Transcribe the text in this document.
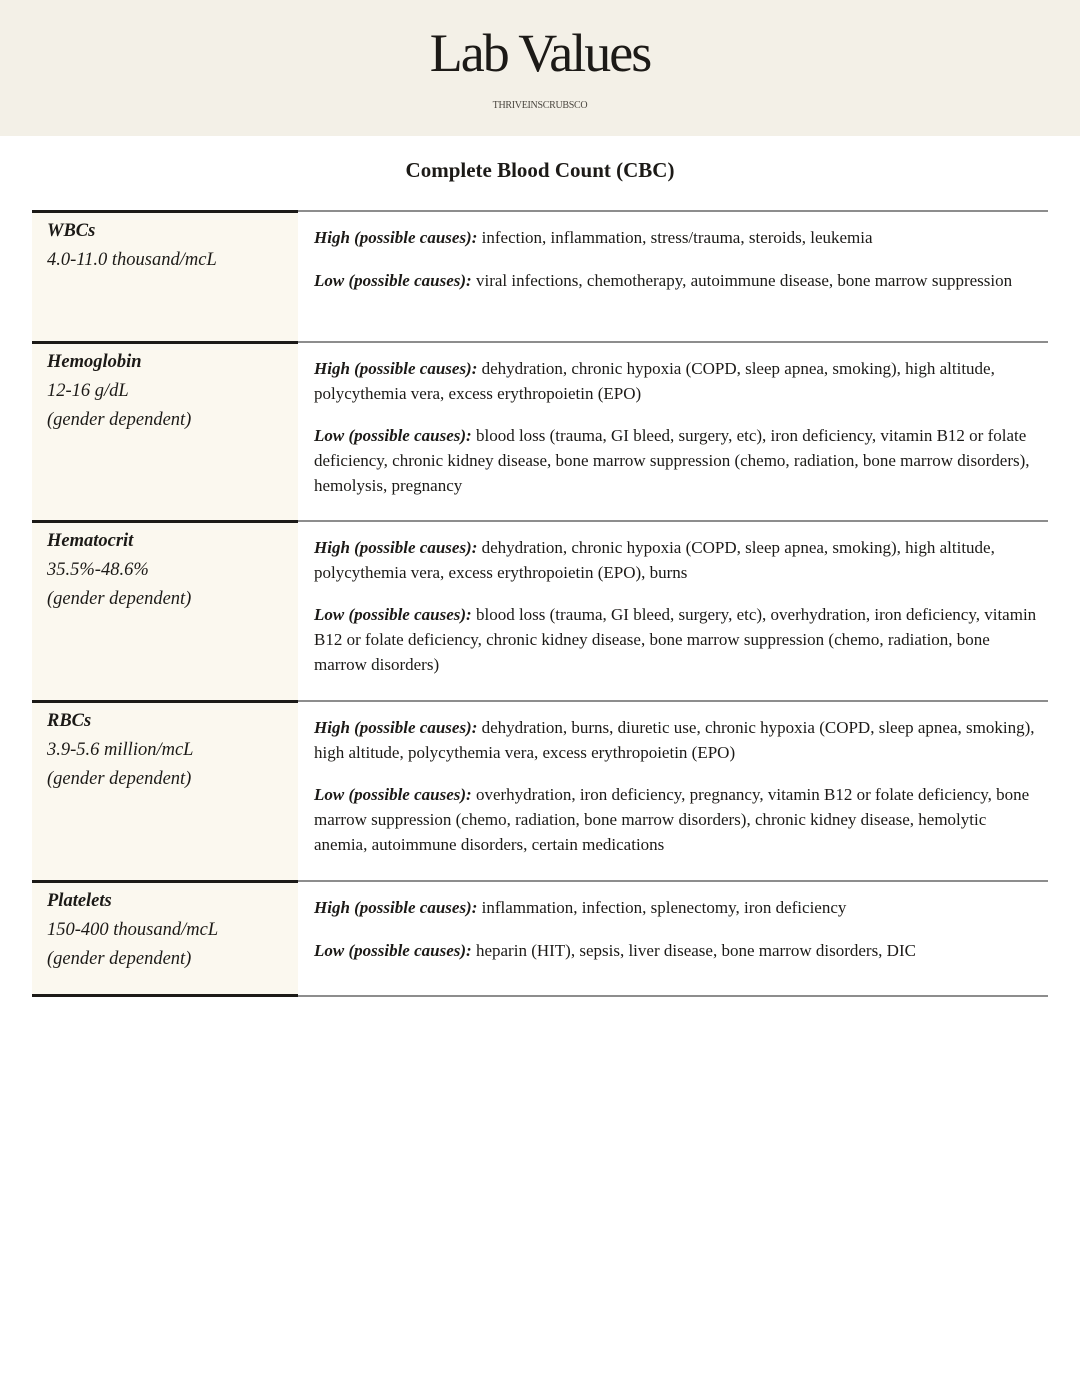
Lab Values
THRIVEINSCRUBSCO
Complete Blood Count (CBC)
WBCs
4.0-11.0 thousand/mcL

High (possible causes): infection, inflammation, stress/trauma, steroids, leukemia

Low (possible causes): viral infections, chemotherapy, autoimmune disease, bone marrow suppression

Hemoglobin
12-16 g/dL
(gender dependent)

High (possible causes): dehydration, chronic hypoxia (COPD, sleep apnea, smoking), high altitude, polycythemia vera, excess erythropoietin (EPO)

Low (possible causes): blood loss (trauma, GI bleed, surgery, etc), iron deficiency, vitamin B12 or folate deficiency, chronic kidney disease, bone marrow suppression (chemo, radiation, bone marrow disorders), hemolysis, pregnancy

Hematocrit
35.5%-48.6%
(gender dependent)

High (possible causes): dehydration, chronic hypoxia (COPD, sleep apnea, smoking), high altitude, polycythemia vera, excess erythropoietin (EPO), burns

Low (possible causes): blood loss (trauma, GI bleed, surgery, etc), overhydration, iron deficiency, vitamin B12 or folate deficiency, chronic kidney disease, bone marrow suppression (chemo, radiation, bone marrow disorders)

RBCs
3.9-5.6 million/mcL
(gender dependent)

High (possible causes): dehydration, burns, diuretic use, chronic hypoxia (COPD, sleep apnea, smoking), high altitude, polycythemia vera, excess erythropoietin (EPO)

Low (possible causes): overhydration, iron deficiency, pregnancy, vitamin B12 or folate deficiency, bone marrow suppression (chemo, radiation, bone marrow disorders), chronic kidney disease, hemolytic anemia, autoimmune disorders, certain medications

Platelets
150-400 thousand/mcL
(gender dependent)

High (possible causes): inflammation, infection, splenectomy, iron deficiency

Low (possible causes): heparin (HIT), sepsis, liver disease, bone marrow disorders, DIC
